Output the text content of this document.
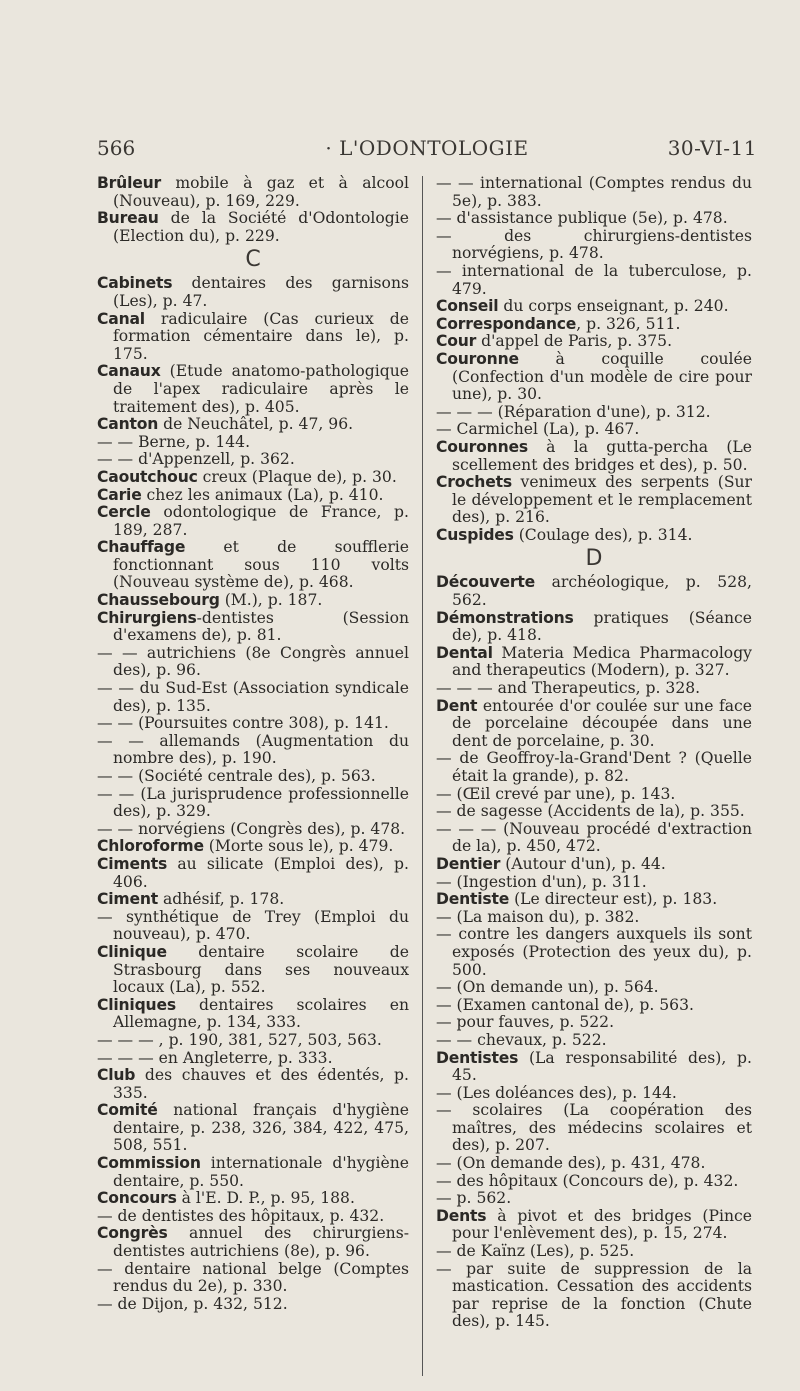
566	· L'ODONTOLOGIE	30-VI-11
Brûleur mobile à gaz et à alcool (Nouveau), p. 169, 229.
Bureau de la Société d'Odontologie (Election du), p. 229.
C
Cabinets dentaires des garnisons (Les), p. 47.
Canal radiculaire (Cas curieux de formation cémentaire dans le), p. 175.
Canaux (Etude anatomo-pathologique de l'apex radiculaire après le traitement des), p. 405.
Canton de Neuchâtel, p. 47, 96.
— — Berne, p. 144.
— — d'Appenzell, p. 362.
Caoutchouc creux (Plaque de), p. 30.
Carie chez les animaux (La), p. 410.
Cercle odontologique de France, p. 189, 287.
Chauffage et de soufflerie fonctionnant sous 110 volts (Nouveau système de), p. 468.
Chaussebourg (M.), p. 187.
Chirurgiens-dentistes (Session d'examens de), p. 81.
— — autrichiens (8e Congrès annuel des), p. 96.
— — du Sud-Est (Association syndicale des), p. 135.
— — (Poursuites contre 308), p. 141.
— — allemands (Augmentation du nombre des), p. 190.
— — (Société centrale des), p. 563.
— — (La jurisprudence professionnelle des), p. 329.
— — norvégiens (Congrès des), p. 478.
Chloroforme (Morte sous le), p. 479.
Ciments au silicate (Emploi des), p. 406.
Ciment adhésif, p. 178.
— synthétique de Trey (Emploi du nouveau), p. 470.
Clinique dentaire scolaire de Strasbourg dans ses nouveaux locaux (La), p. 552.
Cliniques dentaires scolaires en Allemagne, p. 134, 333.
— — — , p. 190, 381, 527, 503, 563.
— — — en Angleterre, p. 333.
Club des chauves et des édentés, p. 335.
Comité national français d'hygiène dentaire, p. 238, 326, 384, 422, 475, 508, 551.
Commission internationale d'hygiène dentaire, p. 550.
Concours à l'E. D. P., p. 95, 188.
— de dentistes des hôpitaux, p. 432.
Congrès annuel des chirurgiens-dentistes autrichiens (8e), p. 96.
— dentaire national belge (Comptes rendus du 2e), p. 330.
— de Dijon, p. 432, 512.
— — international (Comptes rendus du 5e), p. 383.
— d'assistance publique (5e), p. 478.
— des chirurgiens-dentistes norvégiens, p. 478.
— international de la tuberculose, p. 479.
Conseil du corps enseignant, p. 240.
Correspondance, p. 326, 511.
Cour d'appel de Paris, p. 375.
Couronne à coquille coulée (Confection d'un modèle de cire pour une), p. 30.
— — — (Réparation d'une), p. 312.
— Carmichel (La), p. 467.
Couronnes à la gutta-percha (Le scellement des bridges et des), p. 50.
Crochets venimeux des serpents (Sur le développement et le remplacement des), p. 216.
Cuspides (Coulage des), p. 314.
D
Découverte archéologique, p. 528, 562.
Démonstrations pratiques (Séance de), p. 418.
Dental Materia Medica Pharmacology and therapeutics (Modern), p. 327.
— — — and Therapeutics, p. 328.
Dent entourée d'or coulée sur une face de porcelaine découpée dans une dent de porcelaine, p. 30.
— de Geoffroy-la-Grand'Dent ? (Quelle était la grande), p. 82.
— (Œil crevé par une), p. 143.
— de sagesse (Accidents de la), p. 355.
— — — (Nouveau procédé d'extraction de la), p. 450, 472.
Dentier (Autour d'un), p. 44.
— (Ingestion d'un), p. 311.
Dentiste (Le directeur est), p. 183.
— (La maison du), p. 382.
— contre les dangers auxquels ils sont exposés (Protection des yeux du), p. 500.
— (On demande un), p. 564.
— (Examen cantonal de), p. 563.
— pour fauves, p. 522.
— — chevaux, p. 522.
Dentistes (La responsabilité des), p. 45.
— (Les doléances des), p. 144.
— scolaires (La coopération des maîtres, des médecins scolaires et des), p. 207.
— (On demande des), p. 431, 478.
— des hôpitaux (Concours de), p. 432.
— p. 562.
Dents à pivot et des bridges (Pince pour l'enlèvement des), p. 15, 274.
— de Kaïnz (Les), p. 525.
— par suite de suppression de la mastication. Cessation des accidents par reprise de la fonction (Chute des), p. 145.
